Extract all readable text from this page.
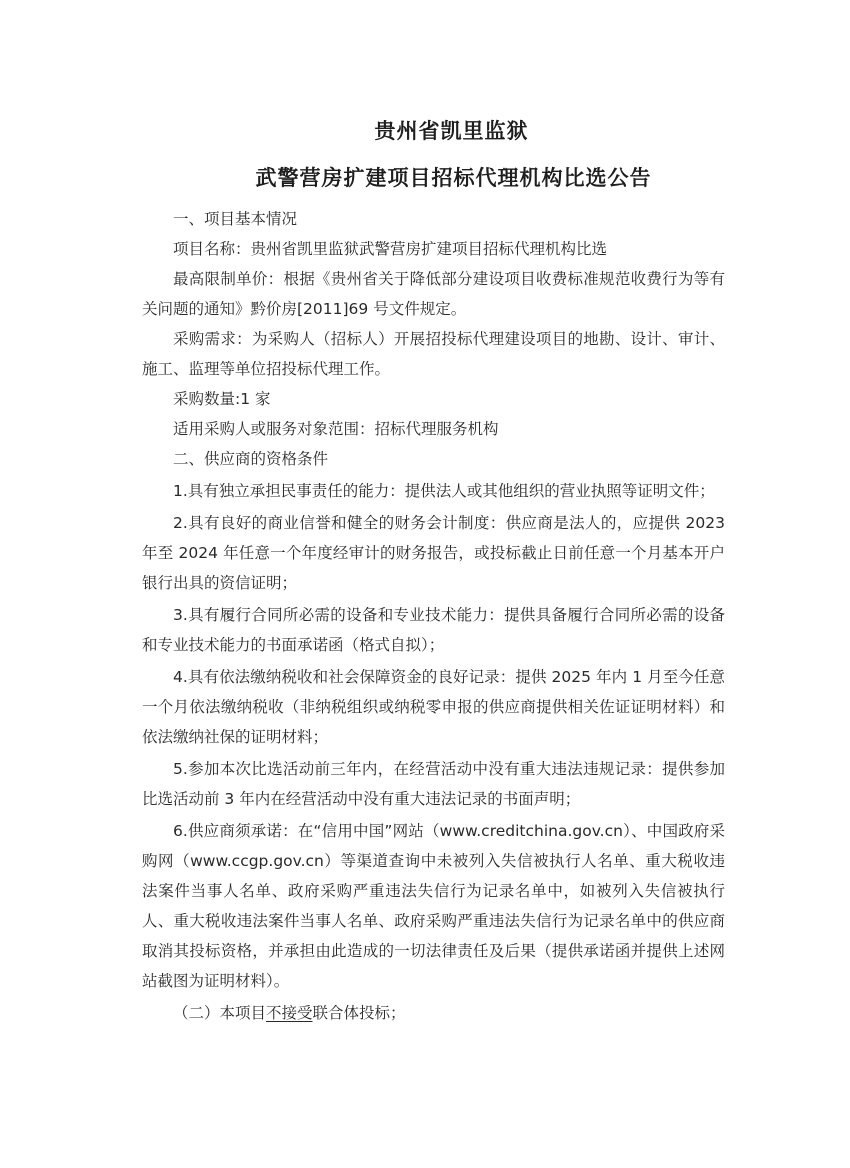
贵州省凯里监狱
武警营房扩建项目招标代理机构比选公告

一、项目基本情况

项目名称：贵州省凯里监狱武警营房扩建项目招标代理机构比选

最高限制单价：根据《贵州省关于降低部分建设项目收费标准规范收费行为等有关问题的通知》黔价房[2011]69 号文件规定。

采购需求：为采购人（招标人）开展招投标代理建设项目的地勘、设计、审计、施工、监理等单位招投标代理工作。

采购数量:1 家

适用采购人或服务对象范围：招标代理服务机构

二、供应商的资格条件

1.具有独立承担民事责任的能力：提供法人或其他组织的营业执照等证明文件；

2.具有良好的商业信誉和健全的财务会计制度：供应商是法人的，应提供 2023 年至 2024 年任意一个年度经审计的财务报告，或投标截止日前任意一个月基本开户银行出具的资信证明；

3.具有履行合同所必需的设备和专业技术能力：提供具备履行合同所必需的设备和专业技术能力的书面承诺函（格式自拟）；

4.具有依法缴纳税收和社会保障资金的良好记录：提供 2025 年内 1 月至今任意一个月依法缴纳税收（非纳税组织或纳税零申报的供应商提供相关佐证证明材料）和依法缴纳社保的证明材料；

5.参加本次比选活动前三年内，在经营活动中没有重大违法违规记录：提供参加比选活动前 3 年内在经营活动中没有重大违法记录的书面声明；

6.供应商须承诺：在“信用中国”网站（www.creditchina.gov.cn）、中国政府采购网（www.ccgp.gov.cn）等渠道查询中未被列入失信被执行人名单、重大税收违法案件当事人名单、政府采购严重违法失信行为记录名单中，如被列入失信被执行人、重大税收违法案件当事人名单、政府采购严重违法失信行为记录名单中的供应商取消其投标资格，并承担由此造成的一切法律责任及后果（提供承诺函并提供上述网站截图为证明材料）。

（二）本项目不接受联合体投标；
